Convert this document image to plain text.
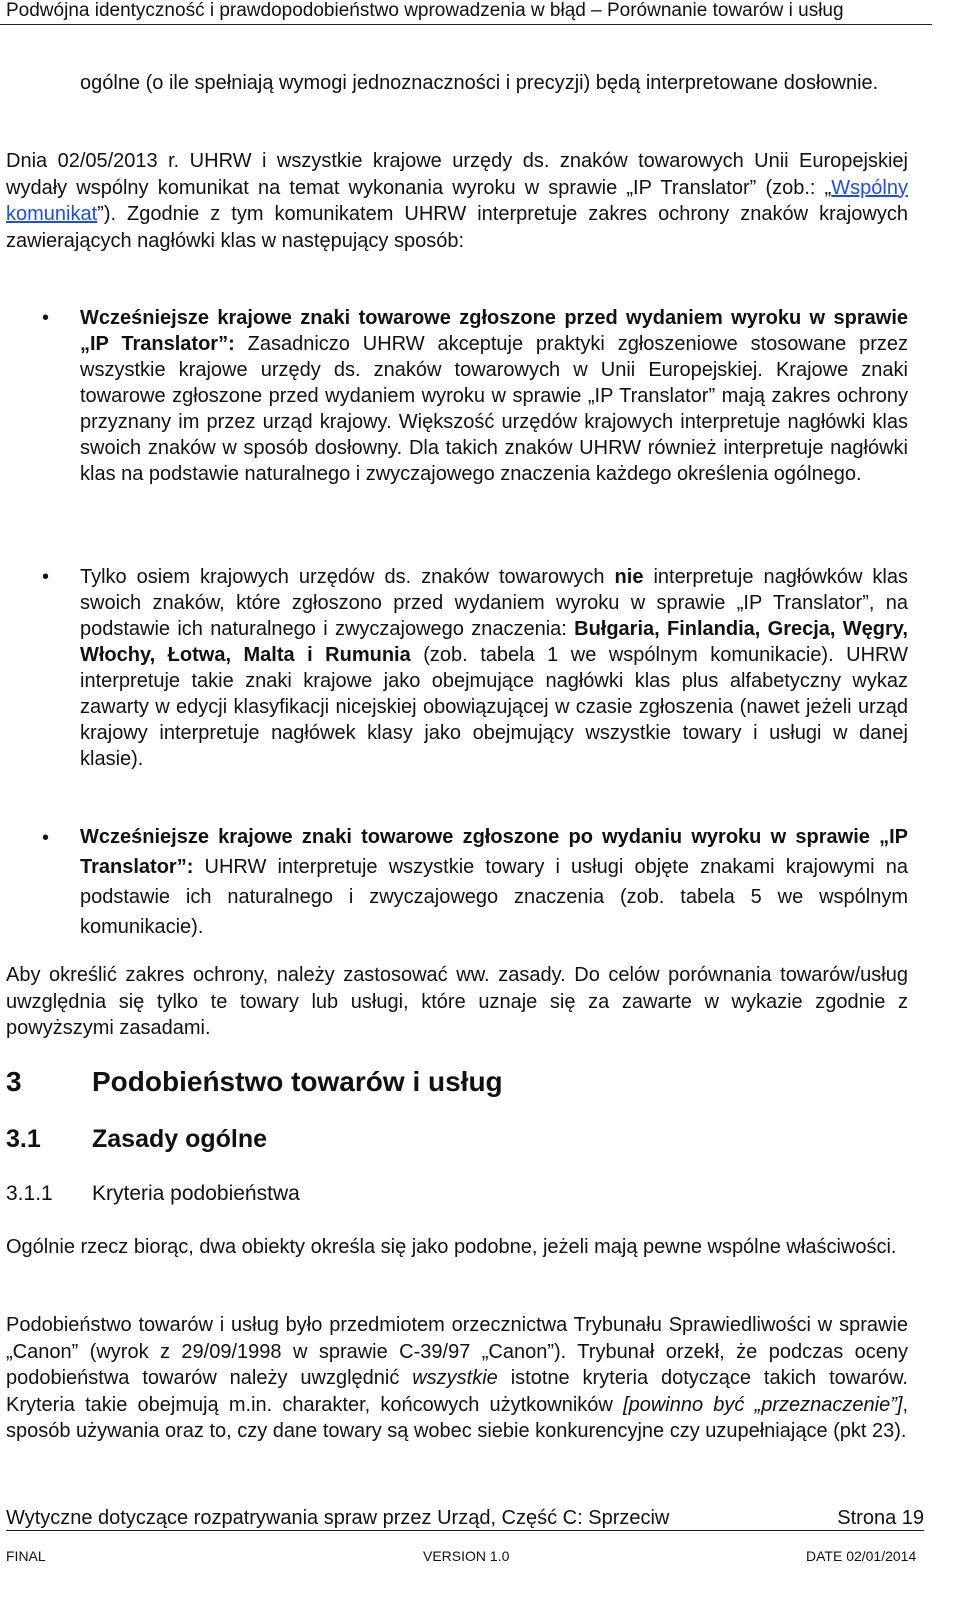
Podwójna identyczność i prawdopodobieństwo wprowadzenia w błąd – Porównanie towarów i usług

ogólne (o ile spełniają wymogi jednoznaczności i precyzji) będą interpretowane dosłownie.

Dnia 02/05/2013 r. UHRW i wszystkie krajowe urzędy ds. znaków towarowych Unii Europejskiej wydały wspólny komunikat na temat wykonania wyroku w sprawie „IP Translator” (zob.: „Wspólny komunikat”). Zgodnie z tym komunikatem UHRW interpretuje zakres ochrony znaków krajowych zawierających nagłówki klas w następujący sposób:

• Wcześniejsze krajowe znaki towarowe zgłoszone przed wydaniem wyroku w sprawie „IP Translator”: Zasadniczo UHRW akceptuje praktyki zgłoszeniowe stosowane przez wszystkie krajowe urzędy ds. znaków towarowych w Unii Europejskiej. Krajowe znaki towarowe zgłoszone przed wydaniem wyroku w sprawie „IP Translator” mają zakres ochrony przyznany im przez urząd krajowy. Większość urzędów krajowych interpretuje nagłówki klas swoich znaków w sposób dosłowny. Dla takich znaków UHRW również interpretuje nagłówki klas na podstawie naturalnego i zwyczajowego znaczenia każdego określenia ogólnego.

• Tylko osiem krajowych urzędów ds. znaków towarowych nie interpretuje nagłówków klas swoich znaków, które zgłoszono przed wydaniem wyroku w sprawie „IP Translator”, na podstawie ich naturalnego i zwyczajowego znaczenia: Bułgaria, Finlandia, Grecja, Węgry, Włochy, Łotwa, Malta i Rumunia (zob. tabela 1 we wspólnym komunikacie). UHRW interpretuje takie znaki krajowe jako obejmujące nagłówki klas plus alfabetyczny wykaz zawarty w edycji klasyfikacji nicejskiej obowiązującej w czasie zgłoszenia (nawet jeżeli urząd krajowy interpretuje nagłówek klasy jako obejmujący wszystkie towary i usługi w danej klasie).

• Wcześniejsze krajowe znaki towarowe zgłoszone po wydaniu wyroku w sprawie „IP Translator”: UHRW interpretuje wszystkie towary i usługi objęte znakami krajowymi na podstawie ich naturalnego i zwyczajowego znaczenia (zob. tabela 5 we wspólnym komunikacie).

Aby określić zakres ochrony, należy zastosować ww. zasady. Do celów porównania towarów/usług uwzględnia się tylko te towary lub usługi, które uznaje się za zawarte w wykazie zgodnie z powyższymi zasadami.

3	Podobieństwo towarów i usług
3.1 Zasady ogólne
3.1.1 Kryteria podobieństwa

Ogólnie rzecz biorąc, dwa obiekty określa się jako podobne, jeżeli mają pewne wspólne właściwości.

Podobieństwo towarów i usług było przedmiotem orzecznictwa Trybunału Sprawiedliwości w sprawie „Canon” (wyrok z 29/09/1998 w sprawie C-39/97 „Canon”). Trybunał orzekł, że podczas oceny podobieństwa towarów należy uwzględnić wszystkie istotne kryteria dotyczące takich towarów. Kryteria takie obejmują m.in. charakter, końcowych użytkowników [powinno być „przeznaczenie”], sposób używania oraz to, czy dane towary są wobec siebie konkurencyjne czy uzupełniające (pkt 23).

Wytyczne dotyczące rozpatrywania spraw przez Urząd, Część C: Sprzeciw	Strona 19
FINAL	VERSION 1.0	DATE 02/01/2014
